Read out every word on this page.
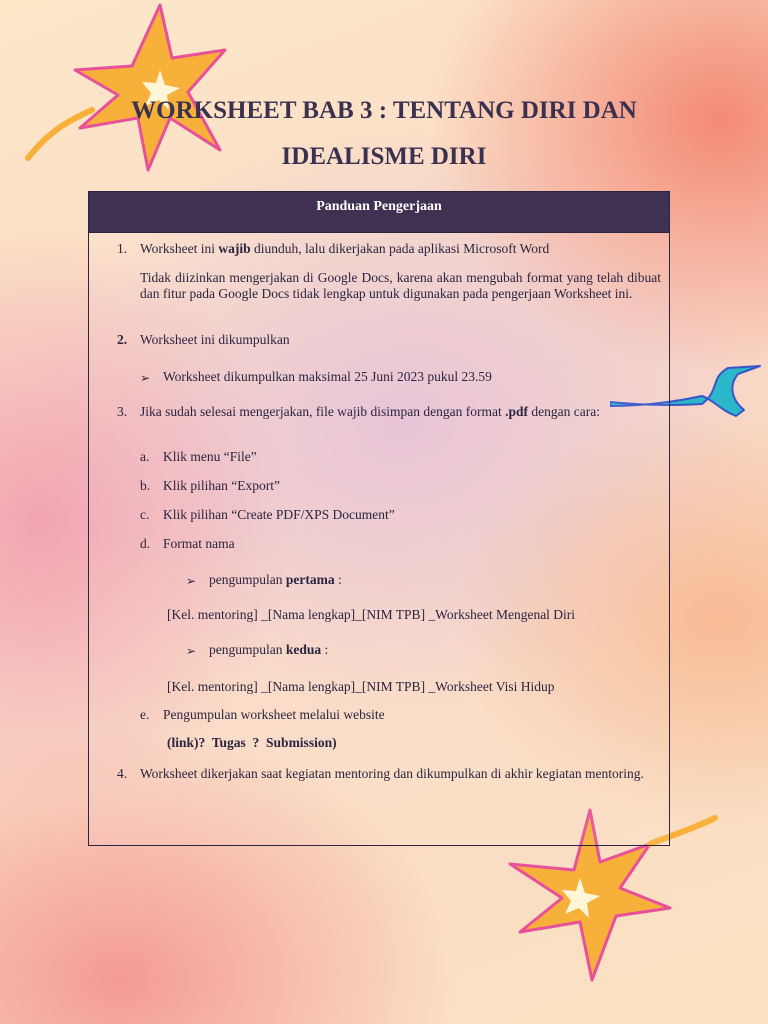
WORKSHEET BAB 3 : TENTANG DIRI DAN
IDEALISME DIRI
Panduan Pengerjaan
1. Worksheet ini wajib diunduh, lalu dikerjakan pada aplikasi Microsoft Word
Tidak diizinkan mengerjakan di Google Docs, karena akan mengubah format yang telah dibuat dan fitur pada Google Docs tidak lengkap untuk digunakan pada pengerjaan Worksheet ini.
2. Worksheet ini dikumpulkan
➢ Worksheet dikumpulkan maksimal 25 Juni 2023 pukul 23.59
3. Jika sudah selesai mengerjakan, file wajib disimpan dengan format .pdf dengan cara:
a. Klik menu “File”
b. Klik pilihan “Export”
c. Klik pilihan “Create PDF/XPS Document”
d. Format nama
➢ pengumpulan pertama :
[Kel. mentoring] _[Nama lengkap]_[NIM TPB] _Worksheet Mengenal Diri
➢ pengumpulan kedua :
[Kel. mentoring] _[Nama lengkap]_[NIM TPB] _Worksheet Visi Hidup
e. Pengumpulan worksheet melalui website
(link)?  Tugas  ?  Submission)
4. Worksheet dikerjakan saat kegiatan mentoring dan dikumpulkan di akhir kegiatan mentoring.
